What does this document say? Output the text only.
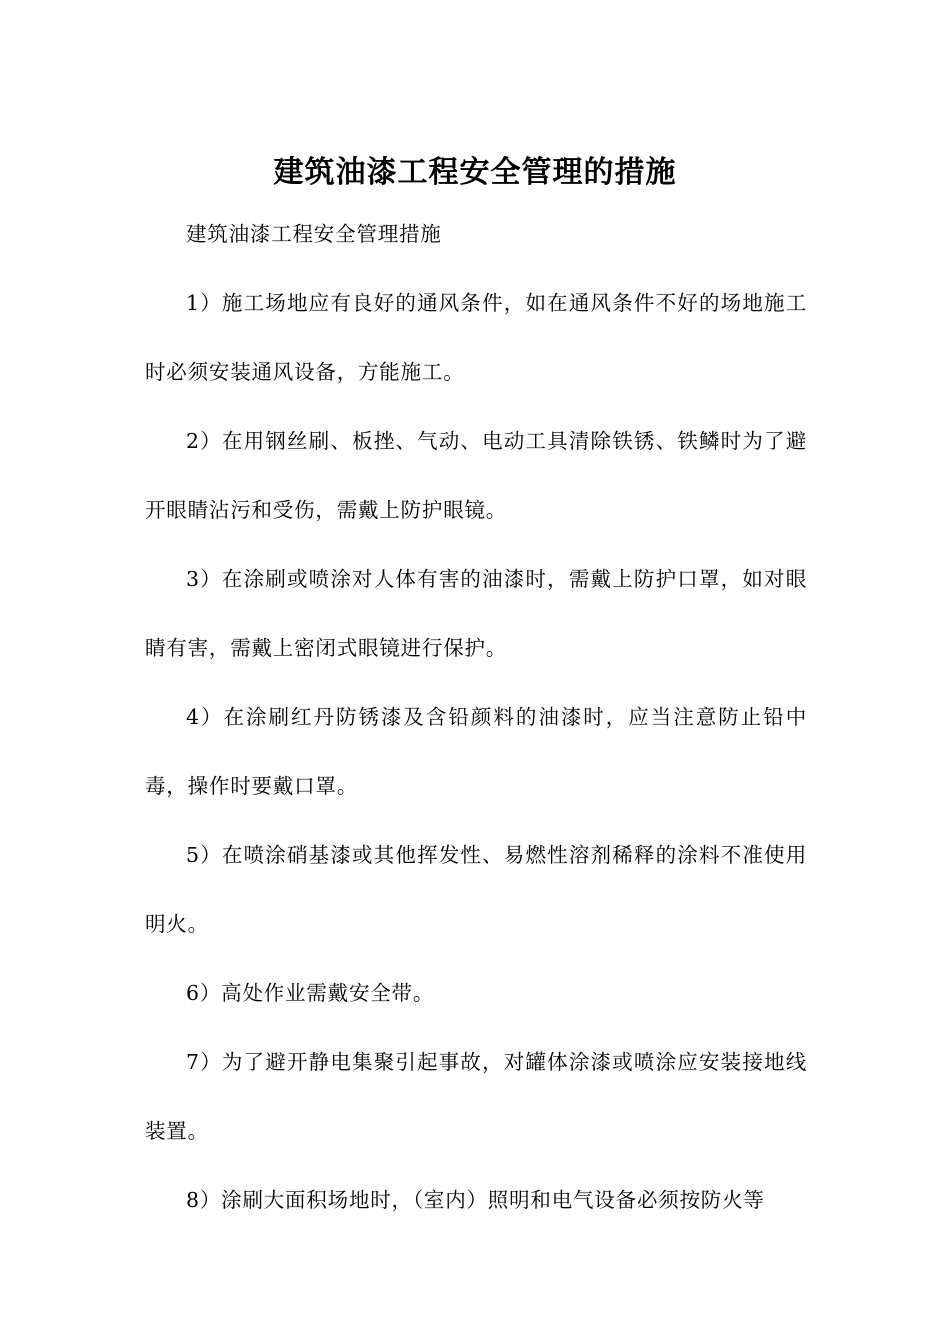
建筑油漆工程安全管理的措施

建筑油漆工程安全管理措施

1）施工场地应有良好的通风条件，如在通风条件不好的场地施工时必须安装通风设备，方能施工。

2）在用钢丝刷、板挫、气动、电动工具清除铁锈、铁鳞时为了避开眼睛沾污和受伤，需戴上防护眼镜。

3）在涂刷或喷涂对人体有害的油漆时，需戴上防护口罩，如对眼睛有害，需戴上密闭式眼镜进行保护。

4）在涂刷红丹防锈漆及含铅颜料的油漆时，应当注意防止铅中毒，操作时要戴口罩。

5）在喷涂硝基漆或其他挥发性、易燃性溶剂稀释的涂料不准使用明火。

6）高处作业需戴安全带。

7）为了避开静电集聚引起事故，对罐体涂漆或喷涂应安装接地线装置。

8）涂刷大面积场地时，（室内）照明和电气设备必须按防火等
